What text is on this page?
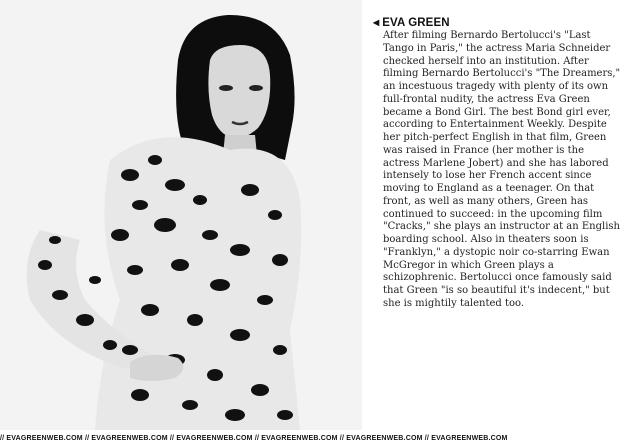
◀ EVA GREEN

After filming Bernardo Bertolucci's "Last Tango in Paris," the actress Maria Schneider checked herself into an institution. After filming Bernardo Bertolucci's "The Dreamers," an incestuous tragedy with plenty of its own full-frontal nudity, the actress Eva Green became a Bond Girl. The best Bond girl ever, according to Entertainment Weekly. Despite her pitch-perfect English in that film, Green was raised in France (her mother is the actress Marlene Jobert) and she has labored intensely to lose her French accent since moving to England as a teenager. On that front, as well as many others, Green has continued to succeed: in the upcoming film "Cracks," she plays an instructor at an English boarding school. Also in theaters soon is "Franklyn," a dystopic noir co-starring Ewan McGregor in which Green plays a schizophrenic. Bertolucci once famously said that Green "is so beautiful it's indecent," but she is mightily talented too.

// EVAGREENWEB.COM // EVAGREENWEB.COM // EVAGREENWEB.COM // EVAGREENWEB.COM // EVAGREENWEB.COM // EVAGREENWEB.COM
